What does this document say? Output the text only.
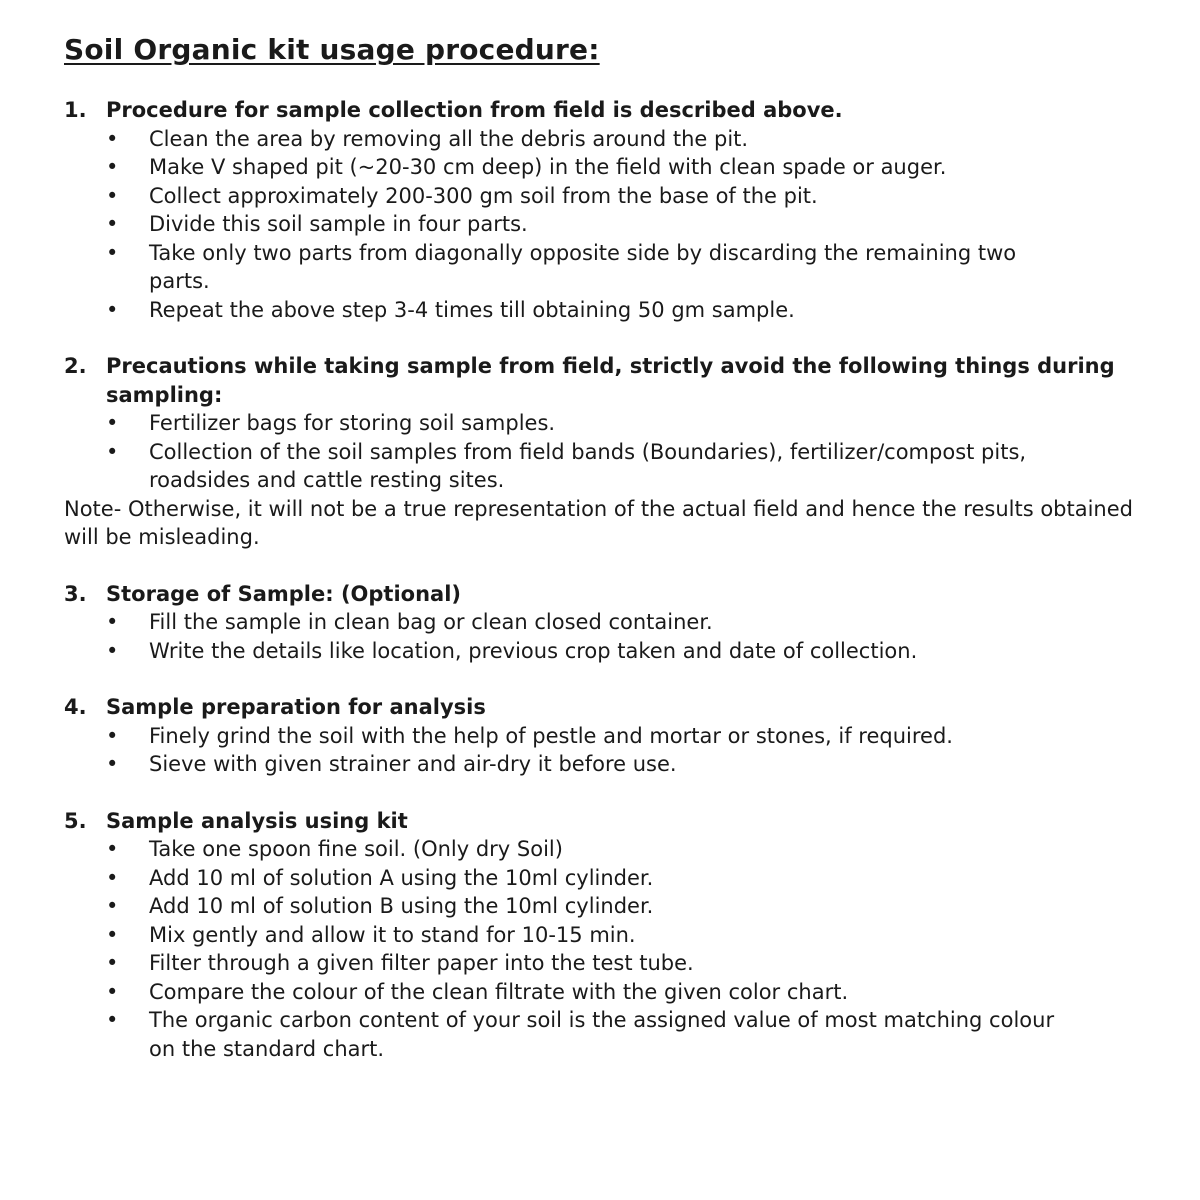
Soil Organic kit usage procedure:
1. Procedure for sample collection from field is described above.
•	Clean the area by removing all the debris around the pit.
•	Make V shaped pit (~20-30 cm deep) in the field with clean spade or auger.
•	Collect approximately 200-300 gm soil from the base of the pit.
•	Divide this soil sample in four parts.
•	Take only two parts from diagonally opposite side by discarding the remaining two parts.
•	Repeat the above step 3-4 times till obtaining 50 gm sample.
2. Precautions while taking sample from field, strictly avoid the following things during sampling:
•	Fertilizer bags for storing soil samples.
•	Collection of the soil samples from field bands (Boundaries), fertilizer/compost pits, roadsides and cattle resting sites.
Note- Otherwise, it will not be a true representation of the actual field and hence the results obtained will be misleading.
3. Storage of Sample: (Optional)
•	Fill the sample in clean bag or clean closed container.
•	Write the details like location, previous crop taken and date of collection.
4. Sample preparation for analysis
•	Finely grind the soil with the help of pestle and mortar or stones, if required.
•	Sieve with given strainer and air-dry it before use.
5. Sample analysis using kit
•	Take one spoon fine soil. (Only dry Soil)
•	Add 10 ml of solution A using the 10ml cylinder.
•	Add 10 ml of solution B using the 10ml cylinder.
•	Mix gently and allow it to stand for 10-15 min.
•	Filter through a given filter paper into the test tube.
•	Compare the colour of the clean filtrate with the given color chart.
•	The organic carbon content of your soil is the assigned value of most matching colour on the standard chart.
